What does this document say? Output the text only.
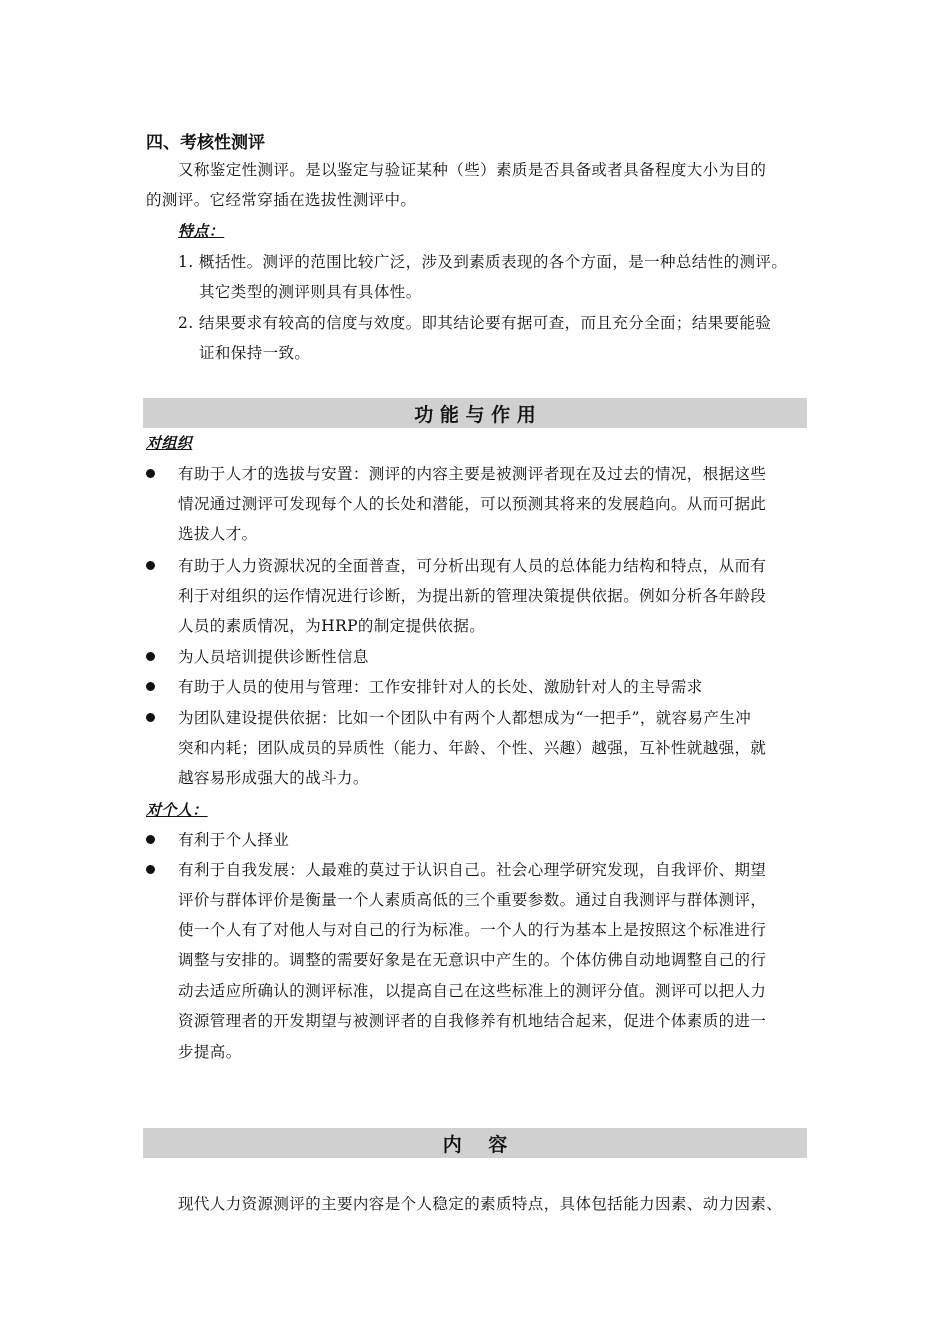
四、考核性测评
又称鉴定性测评。是以鉴定与验证某种（些）素质是否具备或者具备程度大小为目的
的测评。它经常穿插在选拔性测评中。
特点：
1. 概括性。测评的范围比较广泛，涉及到素质表现的各个方面，是一种总结性的测评。
其它类型的测评则具有具体性。
2. 结果要求有较高的信度与效度。即其结论要有据可查，而且充分全面；结果要能验
证和保持一致。
功 能 与 作 用
对组织
有助于人才的选拔与安置：测评的内容主要是被测评者现在及过去的情况，根据这些
情况通过测评可发现每个人的长处和潜能，可以预测其将来的发展趋向。从而可据此
选拔人才。
有助于人力资源状况的全面普查，可分析出现有人员的总体能力结构和特点，从而有
利于对组织的运作情况进行诊断，为提出新的管理决策提供依据。例如分析各年龄段
人员的素质情况，为HRP的制定提供依据。
为人员培训提供诊断性信息
有助于人员的使用与管理：工作安排针对人的长处、激励针对人的主导需求
为团队建设提供依据：比如一个团队中有两个人都想成为“一把手”，就容易产生冲
突和内耗；团队成员的异质性（能力、年龄、个性、兴趣）越强，互补性就越强，就
越容易形成强大的战斗力。
对个人：
有利于个人择业
有利于自我发展：人最难的莫过于认识自己。社会心理学研究发现，自我评价、期望
评价与群体评价是衡量一个人素质高低的三个重要参数。通过自我测评与群体测评，
使一个人有了对他人与对自己的行为标准。一个人的行为基本上是按照这个标准进行
调整与安排的。调整的需要好象是在无意识中产生的。个体仿佛自动地调整自己的行
动去适应所确认的测评标准，以提高自己在这些标准上的测评分值。测评可以把人力
资源管理者的开发期望与被测评者的自我修养有机地结合起来，促进个体素质的进一
步提高。
内    容
现代人力资源测评的主要内容是个人稳定的素质特点，具体包括能力因素、动力因素、
